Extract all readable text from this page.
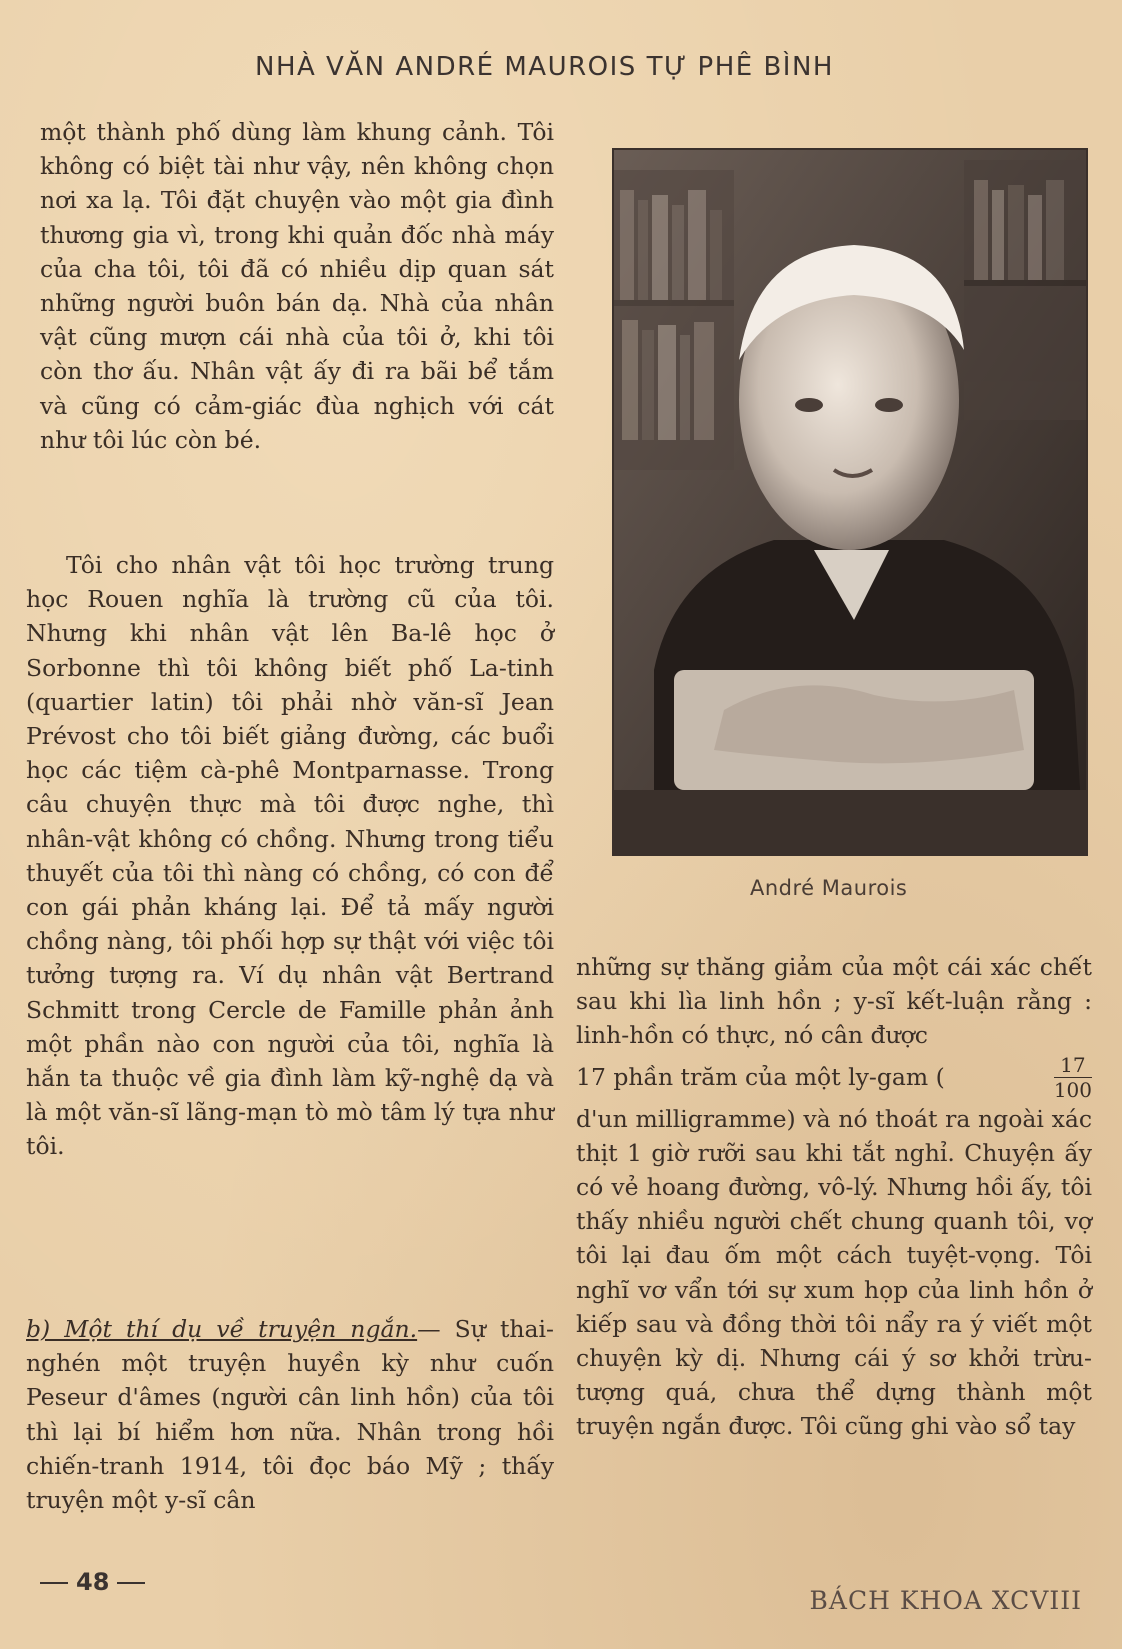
NHÀ VĂN ANDRÉ MAUROIS TỰ PHÊ BÌNH

một thành phố dùng làm khung cảnh. Tôi không có biệt tài như vậy, nên không chọn nơi xa lạ. Tôi đặt chuyện vào một gia đình thương gia vì, trong khi quản đốc nhà máy của cha tôi, tôi đã có nhiều dịp quan sát những người buôn bán dạ. Nhà của nhân vật cũng mượn cái nhà của tôi ở, khi tôi còn thơ ấu. Nhân vật ấy đi ra bãi bể tắm và cũng có cảm-giác đùa nghịch với cát như tôi lúc còn bé.

Tôi cho nhân vật tôi học trường trung học Rouen nghĩa là trường cũ của tôi. Nhưng khi nhân vật lên Ba-lê học ở Sorbonne thì tôi không biết phố La-tinh (quartier latin) tôi phải nhờ văn-sĩ Jean Prévost cho tôi biết giảng đường, các buổi học các tiệm cà-phê Montparnasse. Trong câu chuyện thực mà tôi được nghe, thì nhân-vật không có chồng. Nhưng trong tiểu thuyết của tôi thì nàng có chồng, có con để con gái phản kháng lại. Để tả mấy người chồng nàng, tôi phối hợp sự thật với việc tôi tưởng tượng ra. Ví dụ nhân vật Bertrand Schmitt trong Cercle de Famille phản ảnh một phần nào con người của tôi, nghĩa là hắn ta thuộc về gia đình làm kỹ-nghệ dạ và là một văn-sĩ lãng-mạn tò mò tâm lý tựa như tôi.

b) Một thí dụ về truyện ngắn.— Sự thai-nghén một truyện huyền kỳ như cuốn Peseur d'âmes (người cân linh hồn) của tôi thì lại bí hiểm hơn nữa. Nhân trong hồi chiến-tranh 1914, tôi đọc báo Mỹ ; thấy truyện một y-sĩ cân

André Maurois

những sự thăng giảm của một cái xác chết sau khi lìa linh hồn ; y-sĩ kết-luận rằng : linh-hồn có thực, nó cân được

17 phần trăm của một ly-gam (	$\frac{17}{100}$

d'un milligramme) và nó thoát ra ngoài xác thịt 1 giờ rưỡi sau khi tắt nghỉ. Chuyện ấy có vẻ hoang đường, vô-lý. Nhưng hồi ấy, tôi thấy nhiều người chết chung quanh tôi, vợ tôi lại đau ốm một cách tuyệt-vọng. Tôi nghĩ vơ vẩn tới sự xum họp của linh hồn ở kiếp sau và đồng thời tôi nẩy ra ý viết một chuyện kỳ dị. Nhưng cái ý sơ khởi trừu-tượng quá, chưa thể dựng thành một truyện ngắn được. Tôi cũng ghi vào sổ tay

48
BÁCH KHOA XCVIII
